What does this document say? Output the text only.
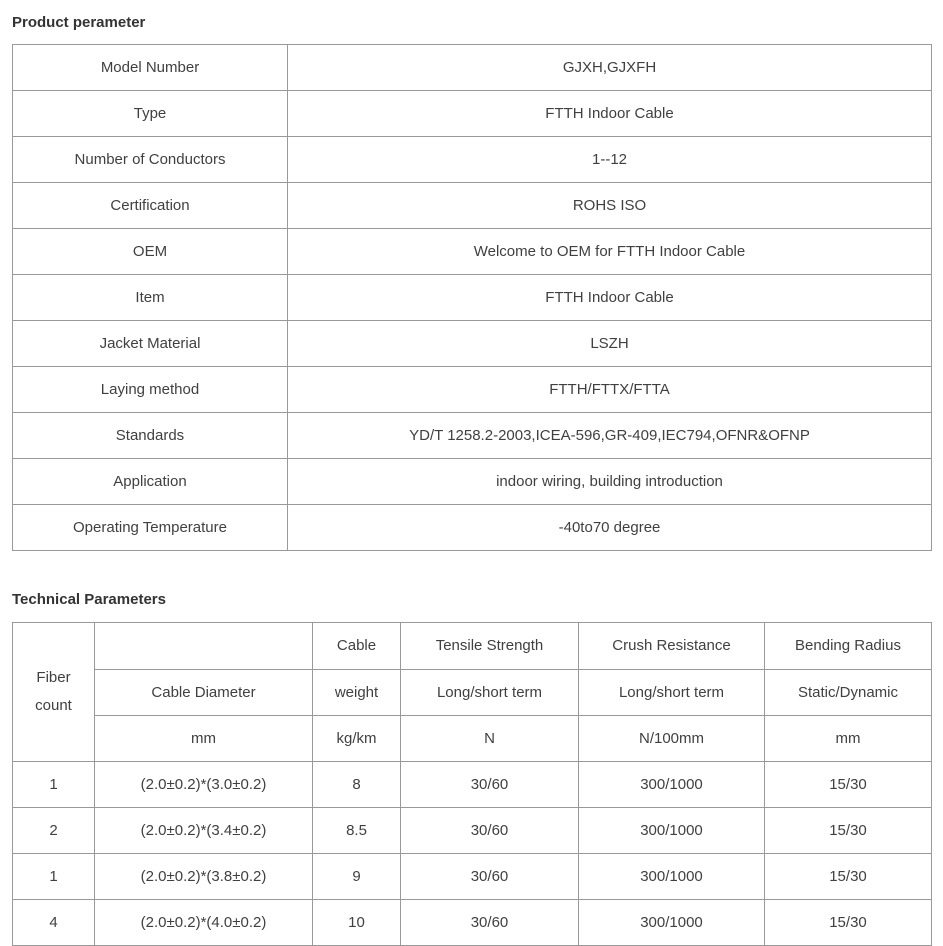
Product perameter
Model Number	GJXH,GJXFH
Type	FTTH Indoor Cable
Number of Conductors	1--12
Certification	ROHS ISO
OEM	Welcome to OEM for FTTH Indoor Cable
Item	FTTH Indoor Cable
Jacket Material	LSZH
Laying method	FTTH/FTTX/FTTA
Standards	YD/T 1258.2-2003,ICEA-596,GR-409,IEC794,OFNR&OFNP
Application	indoor wiring, building introduction
Operating Temperature	-40to70 degree
Technical Parameters
Fiber count		Cable	Tensile Strength	Crush Resistance	Bending Radius
	Cable Diameter	weight	Long/short term	Long/short term	Static/Dynamic
	mm	kg/km	N	N/100mm	mm
1	(2.0±0.2)*(3.0±0.2)	8	30/60	300/1000	15/30
2	(2.0±0.2)*(3.4±0.2)	8.5	30/60	300/1000	15/30
1	(2.0±0.2)*(3.8±0.2)	9	30/60	300/1000	15/30
4	(2.0±0.2)*(4.0±0.2)	10	30/60	300/1000	15/30
